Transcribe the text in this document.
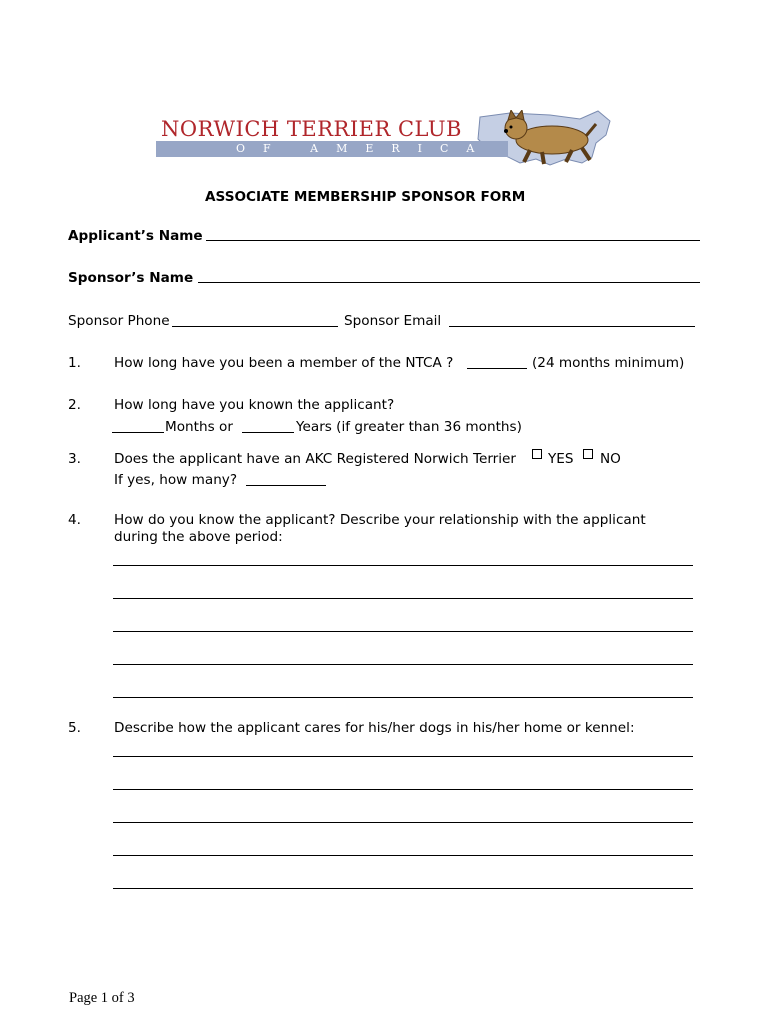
NORWICH TERRIER CLUB
OF AMERICA
ASSOCIATE MEMBERSHIP SPONSOR FORM
Applicant’s Name
Sponsor’s Name
Sponsor Phone	Sponsor Email
1. How long have you been a member of the NTCA ?	(24 months minimum)
2. How long have you known the applicant?
Months or	Years (if greater than 36 months)
3. Does the applicant have an AKC Registered Norwich Terrier YES NO
If yes, how many?
4. How do you know the applicant? Describe your relationship with the applicant
during the above period:
5. Describe how the applicant cares for his/her dogs in his/her home or kennel:
Page 1 of 3
